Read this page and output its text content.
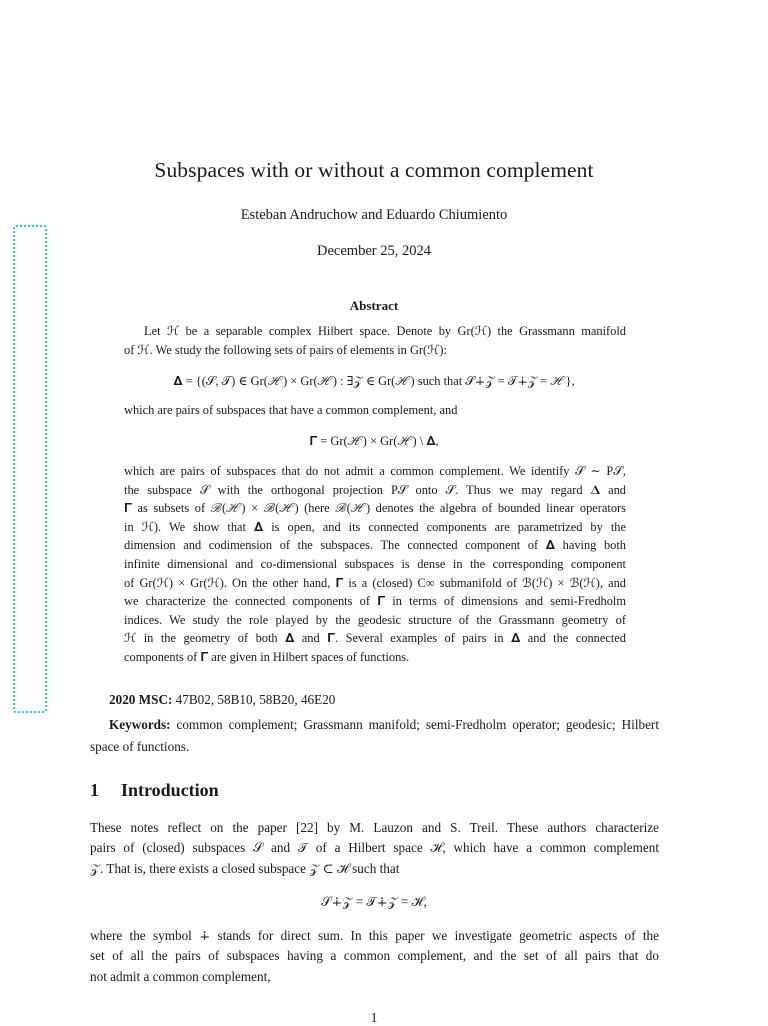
Subspaces with or without a common complement
Esteban Andruchow and Eduardo Chiumiento
December 25, 2024
Abstract
Let ℋ be a separable complex Hilbert space. Denote by Gr(ℋ) the Grassmann manifold
of ℋ. We study the following sets of pairs of elements in Gr(ℋ):
𝚫 = {(𝒮, 𝒯) ∈ Gr(ℋ) × Gr(ℋ) : ∃𝒵 ∈ Gr(ℋ) such that 𝒮∔𝒵 = 𝒯∔𝒵 = ℋ},
which are pairs of subspaces that have a common complement, and
𝚪 = Gr(ℋ) × Gr(ℋ) \ 𝚫,
which are pairs of subspaces that do not admit a common complement. We identify 𝒮 ∼ P𝒮,
the subspace 𝒮 with the orthogonal projection P𝒮 onto 𝒮. Thus we may regard 𝚫 and
𝚪 as subsets of ℬ(ℋ) × ℬ(ℋ) (here ℬ(ℋ) denotes the algebra of bounded linear operators
in ℋ). We show that 𝚫 is open, and its connected components are parametrized by the
dimension and codimension of the subspaces. The connected component of 𝚫 having both
infinite dimensional and co-dimensional subspaces is dense in the corresponding component
of Gr(ℋ) × Gr(ℋ). On the other hand, 𝚪 is a (closed) C∞ submanifold of ℬ(ℋ) × ℬ(ℋ), and
we characterize the connected components of 𝚪 in terms of dimensions and semi-Fredholm
indices. We study the role played by the geodesic structure of the Grassmann geometry of
ℋ in the geometry of both 𝚫 and 𝚪. Several examples of pairs in 𝚫 and the connected
components of 𝚪 are given in Hilbert spaces of functions.
2020 MSC: 47B02, 58B10, 58B20, 46E20
Keywords: common complement; Grassmann manifold; semi-Fredholm operator; geodesic; Hilbert space of functions.
1 Introduction
These notes reflect on the paper [22] by M. Lauzon and S. Treil. These authors characterize
pairs of (closed) subspaces 𝒮 and 𝒯 of a Hilbert space ℋ, which have a common complement
𝒵. That is, there exists a closed subspace 𝒵 ⊂ ℋ such that
𝒮∔𝒵 = 𝒯∔𝒵 = ℋ,
where the symbol ∔ stands for direct sum. In this paper we investigate geometric aspects of the
set of all the pairs of subspaces having a common complement, and the set of all pairs that do
not admit a common complement,
1
